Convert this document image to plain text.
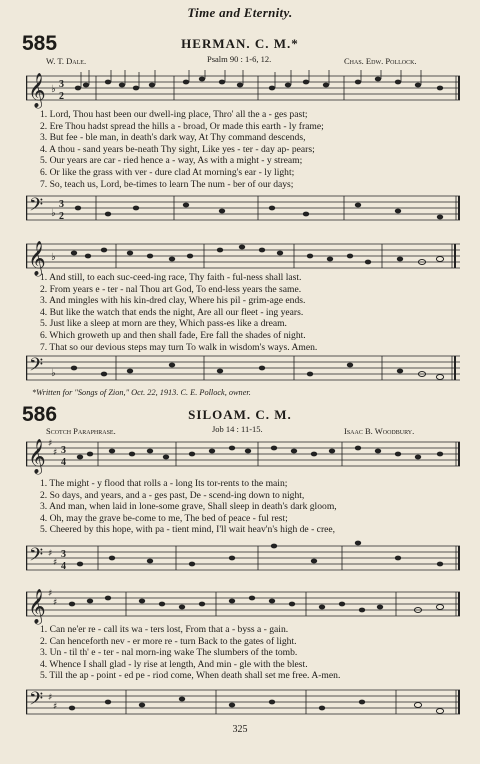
Time and Eternity.
585	HERMAN. C. M.*
W. T. Dale.	Psalm 90 : 1-6, 12.	Chas. Edw. Pollock.
𝄞 ♭ 3
2
1. Lord, Thou hast been our dwell-ing place, Thro' all the a - ges past;
2. Ere Thou hadst spread the hills a - broad, Or made this earth - ly frame;
3. But fee - ble man, in death's dark way, At Thy command descends,
4. A thou - sand years be-neath Thy sight, Like yes - ter - day ap- pears;
5. Our years are car - ried hence a - way, As with a might - y stream;
6. Or like the grass with ver - dure clad At morning's ear - ly light;
7. So, teach us, Lord, be-times to learn The num - ber of our days;
𝄢 ♭
3
2
𝄞 ♭
1. And still, to each suc-ceed-ing race, Thy faith - ful-ness shall last.
2. From years e - ter - nal Thou art God, To end-less years the same.
3. And mingles with his kin-dred clay, Where his pil - grim-age ends.
4. But like the watch that ends the night, Are all our fleet - ing years.
5. Just like a sleep at morn are they, Which pass-es like a dream.
6. Which groweth up and then shall fade, Ere fall the shades of night.
7. That so our devious steps may turn To walk in wisdom's ways. Amen.
𝄢 ♭
*Written for "Songs of Zion," Oct. 22, 1913. C. E. Pollock, owner.
586	SILOAM. C. M.
Scotch Paraphrase.	Job 14 : 11-15.	Isaac B. Woodbury.
𝄞 ♯
♯ 3
4
1. The might - y flood that rolls a - long Its tor-rents to the main;
2. So days, and years, and a - ges past, De - scend-ing down to night,
3. And man, when laid in lone-some grave, Shall sleep in death's dark gloom,
4. Oh, may the grave be-come to me, The bed of peace - ful rest;
5. Cheered by this hope, with pa - tient mind, I'll wait heav'n's high de - cree,
𝄢 ♯
♯
3
4
𝄞 ♯
♯
1. Can ne'er re - call its wa - ters lost, From that a - byss a - gain.
2. Can henceforth nev - er more re - turn Back to the gates of light.
3. Un - til th' e - ter - nal morn-ing wake The slumbers of the tomb.
4. Whence I shall glad - ly rise at length, And min - gle with the blest.
5. Till the ap - point - ed pe - riod come, When death shall set me free. A-men.
𝄢 ♯
♯
325
